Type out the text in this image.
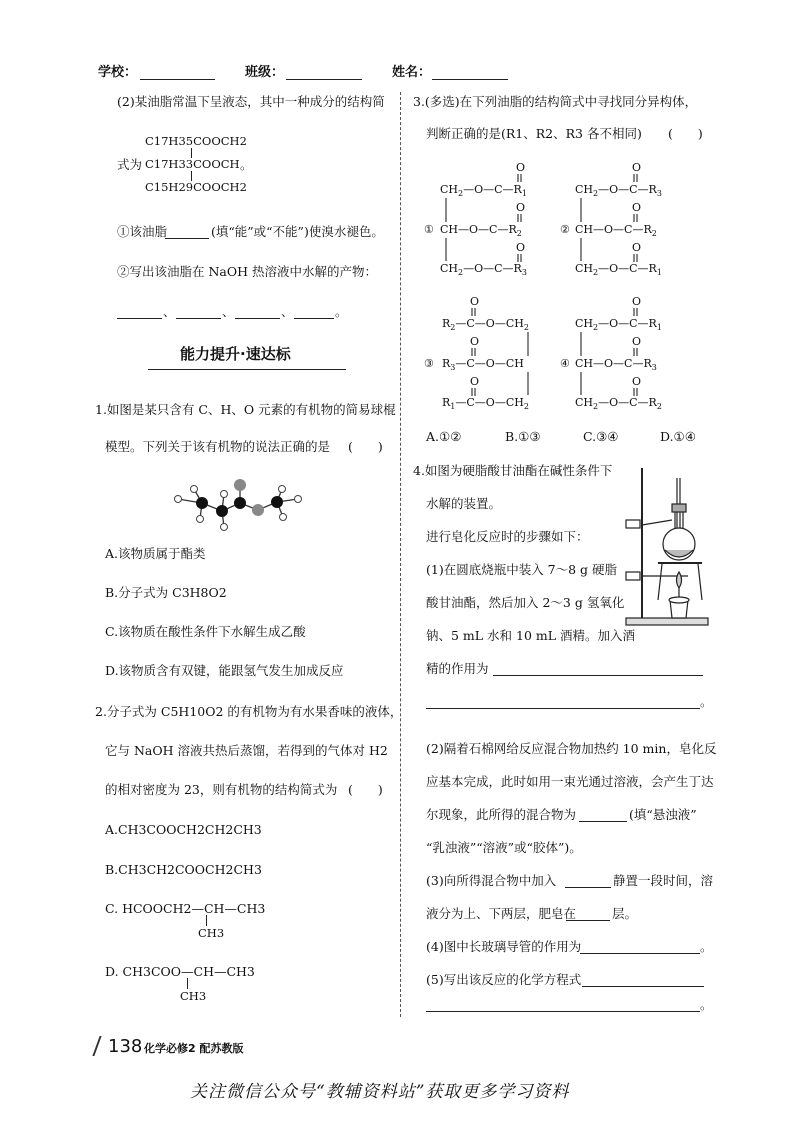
学校：	班级：	姓名：
(2)某油脂常温下呈液态，其中一种成分的结构简
C17H35COOCH2
式为 C17H33COOCH 。
C15H29COOCH2
①该油脂	(填“能”或“不能”)使溴水褪色。
②写出该油脂在 NaOH 热溶液中水解的产物：
、	、	、	。
能力提升·速达标
1.如图是某只含有 C、H、O 元素的有机物的简易球棍
模型。下列关于该有机物的说法正确的是 (　　)
A.该物质属于酯类
B.分子式为 C3H8O2
C.该物质在酸性条件下水解生成乙酸
D.该物质含有双键，能跟氢气发生加成反应
2.分子式为 C5H10O2 的有机物为有水果香味的液体，
它与 NaOH 溶液共热后蒸馏，若得到的气体对 H2
的相对密度为 23，则有机物的结构简式为 (　　)
A.CH3COOCH2CH2CH3
B.CH3CH2COOCH2CH3
C. HCOOCH2—CH—CH3
CH3
D. CH3COO—CH—CH3
CH3
3.(多选)在下列油脂的结构简式中寻找同分异构体，
判断正确的是(R1、R2、R3 各不相同) (　　)
①
O
O
O
$CH_2—O—C—R_1$
$CH—O—C—R_2$
$CH_2—O—C—R_3$
②
O
O
O
$CH_2—O—C—R_3$
$CH—O—C—R_2$
$CH_2—O—C—R_1$
③
O
O
O
$R_2—C—O—CH_2$
$R_3—C—O—CH$
$R_1—C—O—CH_2$
④
O
O
O
$CH_2—O—C—R_1$
$CH—O—C—R_3$
$CH_2—O—C—R_2$
A.①②	B.①③	C.③④	D.①④
4.如图为硬脂酸甘油酯在碱性条件下
水解的装置。
进行皂化反应时的步骤如下：
(1)在圆底烧瓶中装入 7～8 g 硬脂
酸甘油酯，然后加入 2～3 g 氢氧化
钠、5 mL 水和 10 mL 酒精。加入酒
精的作用为
。
(2)隔着石棉网给反应混合物加热约 10 min，皂化反
应基本完成，此时如用一束光通过溶液，会产生丁达
尔现象，此所得的混合物为	(填“悬浊液”
“乳浊液”“溶液”或“胶体”)。
(3)向所得混合物中加入	静置一段时间，溶
液分为上、下两层，肥皂在	层。
(4)图中长玻璃导管的作用为	。
(5)写出该反应的化学方程式
。
138 化学必修2 配苏教版
关注微信公众号“教辅资料站”获取更多学习资料
